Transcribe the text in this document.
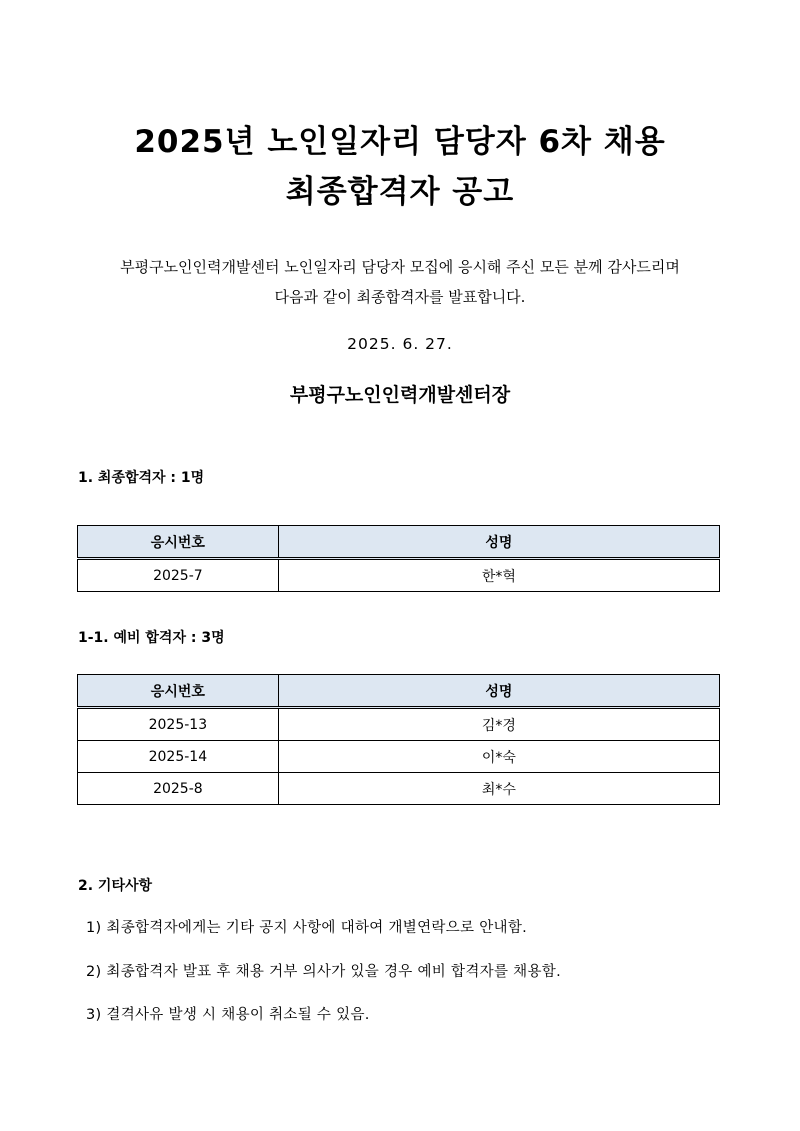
2025년 노인일자리 담당자 6차 채용
최종합격자 공고
부평구노인인력개발센터 노인일자리 담당자 모집에 응시해 주신 모든 분께 감사드리며
다음과 같이 최종합격자를 발표합니다.
2025. 6. 27.
부평구노인인력개발센터장
1. 최종합격자 : 1명
응시번호	성명
2025-7	한*혁
1-1. 예비 합격자 : 3명
응시번호	성명
2025-13	김*경
2025-14	이*숙
2025-8	최*수
2. 기타사항
1) 최종합격자에게는 기타 공지 사항에 대하여 개별연락으로 안내함.
2) 최종합격자 발표 후 채용 거부 의사가 있을 경우 예비 합격자를 채용함.
3) 결격사유 발생 시 채용이 취소될 수 있음.
